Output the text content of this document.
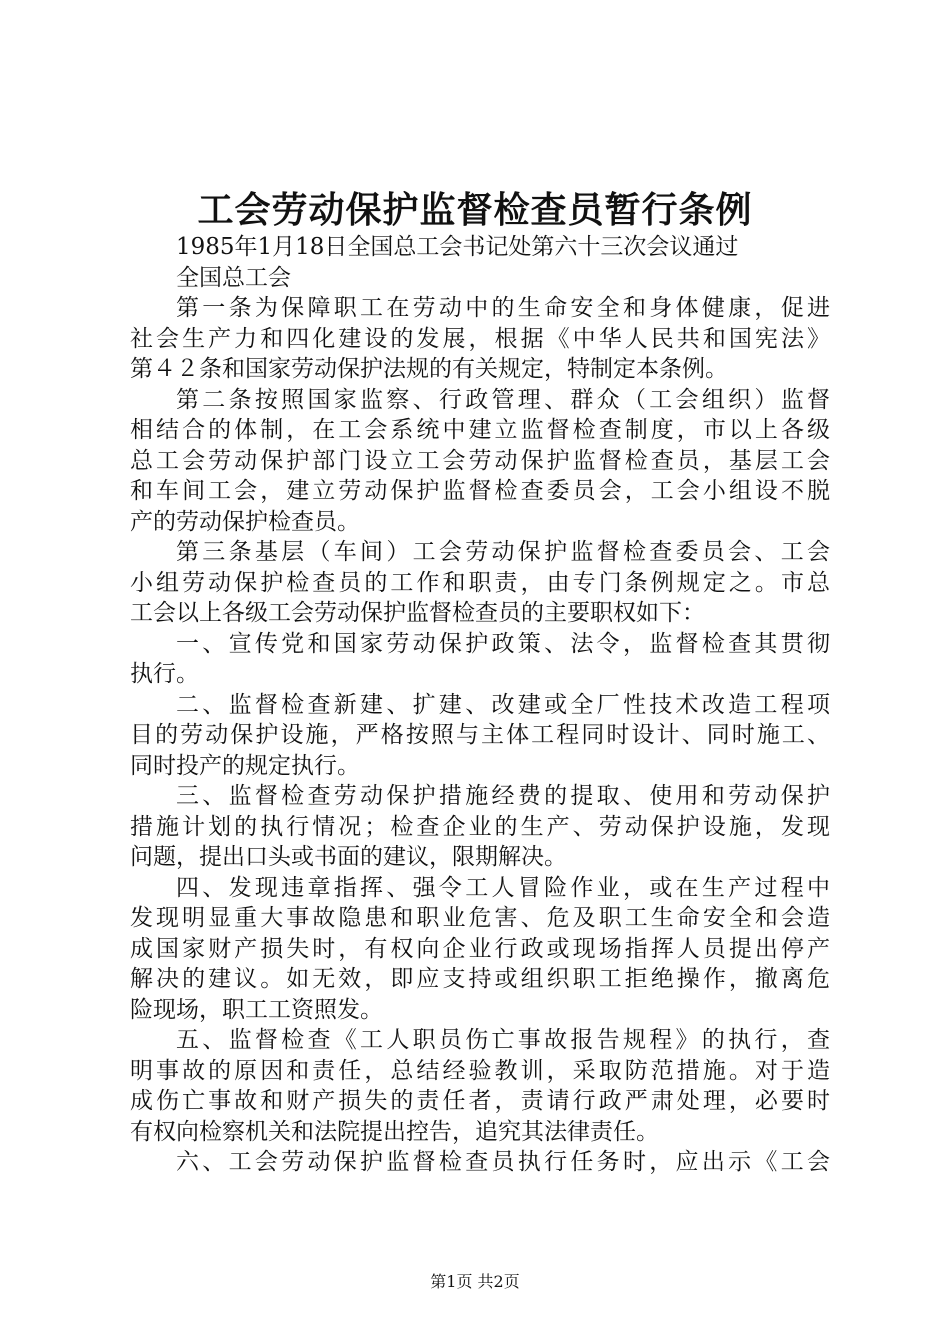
工会劳动保护监督检查员暂行条例
1985年1月18日全国总工会书记处第六十三次会议通过
全国总工会
第一条为保障职工在劳动中的生命安全和身体健康，促进
社会生产力和四化建设的发展，根据《中华人民共和国宪法》
第４２条和国家劳动保护法规的有关规定，特制定本条例。
第二条按照国家监察、行政管理、群众（工会组织）监督
相结合的体制，在工会系统中建立监督检查制度，市以上各级
总工会劳动保护部门设立工会劳动保护监督检查员，基层工会
和车间工会，建立劳动保护监督检查委员会，工会小组设不脱
产的劳动保护检查员。
第三条基层（车间）工会劳动保护监督检查委员会、工会
小组劳动保护检查员的工作和职责，由专门条例规定之。市总
工会以上各级工会劳动保护监督检查员的主要职权如下：
一、宣传党和国家劳动保护政策、法令，监督检查其贯彻
执行。
二、监督检查新建、扩建、改建或全厂性技术改造工程项
目的劳动保护设施，严格按照与主体工程同时设计、同时施工、
同时投产的规定执行。
三、监督检查劳动保护措施经费的提取、使用和劳动保护
措施计划的执行情况；检查企业的生产、劳动保护设施，发现
问题，提出口头或书面的建议，限期解决。
四、发现违章指挥、强令工人冒险作业，或在生产过程中
发现明显重大事故隐患和职业危害、危及职工生命安全和会造
成国家财产损失时，有权向企业行政或现场指挥人员提出停产
解决的建议。如无效，即应支持或组织职工拒绝操作，撤离危
险现场，职工工资照发。
五、监督检查《工人职员伤亡事故报告规程》的执行，查
明事故的原因和责任，总结经验教训，采取防范措施。对于造
成伤亡事故和财产损失的责任者，责请行政严肃处理，必要时
有权向检察机关和法院提出控告，追究其法律责任。
六、工会劳动保护监督检查员执行任务时，应出示《工会
第1页 共2页
